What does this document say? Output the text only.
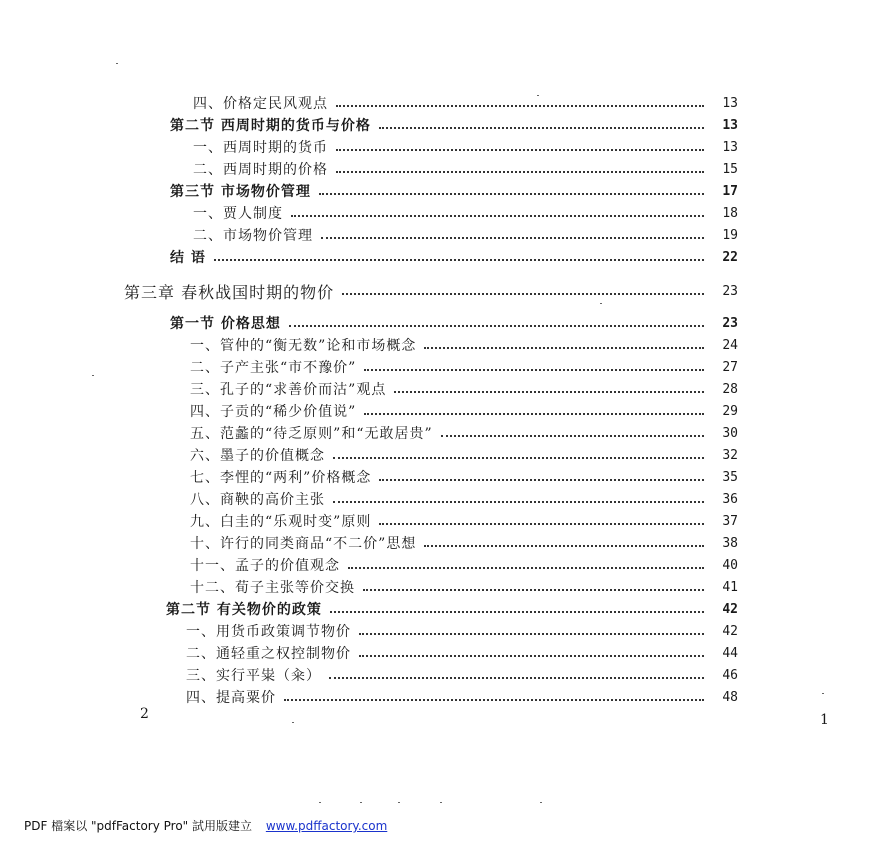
四、价格定民风观点	13
第二节 西周时期的货币与价格	13
一、西周时期的货币	13
二、西周时期的价格	15
第三节 市场物价管理	17
一、贾人制度	18
二、市场物价管理	19
结 语	22
第三章 春秋战国时期的物价	23
第一节 价格思想	23
一、管仲的“衡无数”论和市场概念	24
二、子产主张“市不豫价”	27
三、孔子的“求善价而沽”观点	28
四、子贡的“稀少价值说”	29
五、范蠡的“待乏原则”和“无敢居贵”	30
六、墨子的价值概念	32
七、李悝的“两利”价格概念	35
八、商鞅的高价主张	36
九、白圭的“乐观时变”原则	37
十、许行的同类商品“不二价”思想	38
十一、孟子的价值观念	40
十二、荀子主张等价交换	41
第二节 有关物价的政策	42
一、用货币政策调节物价	42
二、通轻重之权控制物价	44
三、实行平粜（籴）	46
四、提高粟价	48
2	1
PDF 檔案以 "pdfFactory Pro" 試用版建立 www.pdffactory.com
